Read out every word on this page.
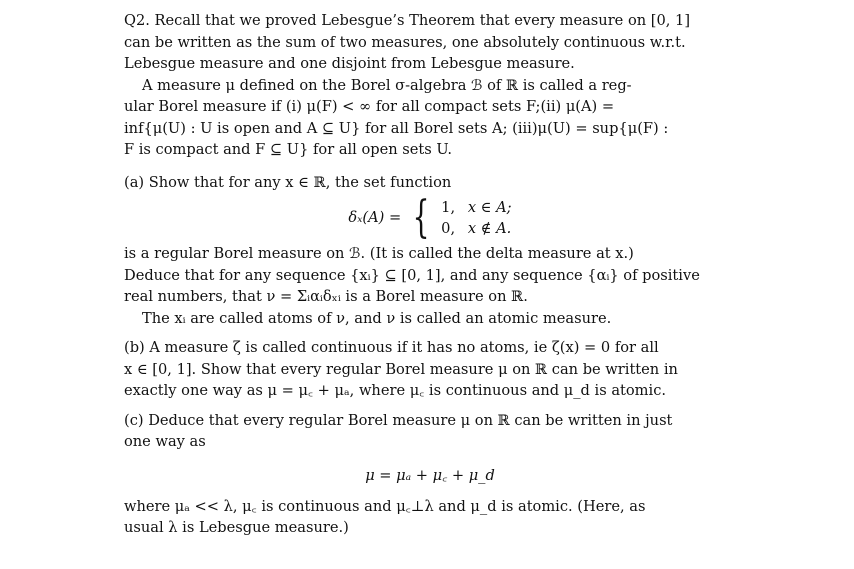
Q2. Recall that we proved Lebesgue’s Theorem that every measure on [0, 1]
can be written as the sum of two measures, one absolutely continuous w.r.t.
Lebesgue measure and one disjoint from Lebesgue measure.

A measure μ defined on the Borel σ-algebra ℬ of ℝ is called a reg-
ular Borel measure if (i) μ(F) < ∞ for all compact sets F;(ii) μ(A) =
inf{μ(U) : U is open and A ⊆ U} for all Borel sets A; (iii)μ(U) = sup{μ(F) :
F is compact and F ⊆ U} for all open sets U.

(a) Show that for any x ∈ ℝ, the set function

δₓ(A) = { 1, x ∈ A;
0, x ∉ A.

is a regular Borel measure on ℬ. (It is called the delta measure at x.)
Deduce that for any sequence {xᵢ} ⊆ [0, 1], and any sequence {αᵢ} of positive
real numbers, that ν = Σᵢαᵢδₓᵢ is a Borel measure on ℝ.

The xᵢ are called atoms of ν, and ν is called an atomic measure.

(b) A measure ζ is called continuous if it has no atoms, ie ζ(x) = 0 for all
x ∈ [0, 1]. Show that every regular Borel measure μ on ℝ can be written in
exactly one way as μ = μ꜀ + μₐ, where μ꜀ is continuous and μ_d is atomic.

(c) Deduce that every regular Borel measure μ on ℝ can be written in just
one way as

μ = μₐ + μ꜀ + μ_d

where μₐ << λ, μ꜀ is continuous and μ꜀⊥λ and μ_d is atomic. (Here, as
usual λ is Lebesgue measure.)
